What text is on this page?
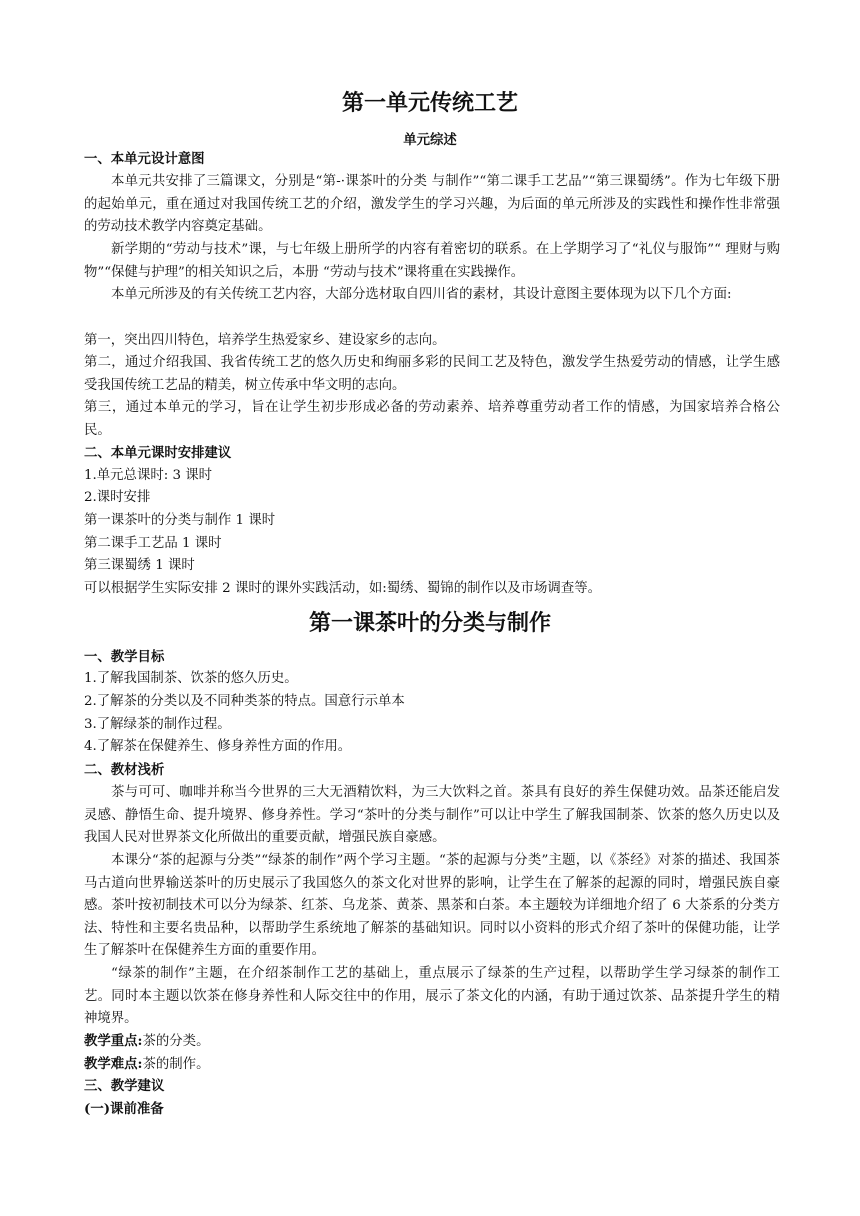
第一单元传统工艺
单元综述
一、本单元设计意图

本单元共安排了三篇课文，分别是“第-·课茶叶的分类 与制作”“第二课手工艺品”“第三课蜀绣”。作为七年级下册的起始单元，重在通过对我国传统工艺的介绍，激发学生的学习兴趣，为后面的单元所涉及的实践性和操作性非常强的劳动技术教学内容奠定基础。

新学期的“劳动与技术”课，与七年级上册所学的内容有着密切的联系。在上学期学习了“礼仪与服饰”“ 理财与购物”“保健与护理”的相关知识之后，本册 “劳动与技术”课将重在实践操作。

本单元所涉及的有关传统工艺内容，大部分选材取自四川省的素材，其设计意图主要体现为以下几个方面:

第一，突出四川特色，培养学生热爱家乡、建设家乡的志向。

第二，通过介绍我国、我省传统工艺的悠久历史和绚丽多彩的民间工艺及特色，激发学生热爱劳动的情感，让学生感受我国传统工艺品的精美，树立传承中华文明的志向。

第三，通过本单元的学习，旨在让学生初步形成必备的劳动素养、培养尊重劳动者工作的情感，为国家培养合格公民。

二、本单元课时安排建议
1.单元总课时: 3 课时
2.课时安排
第一课茶叶的分类与制作 1 课时
第二课手工艺品 1 课时
第三课蜀绣 1 课时
可以根据学生实际安排 2 课时的课外实践活动，如:蜀绣、蜀锦的制作以及市场调查等。
第一课茶叶的分类与制作
一、教学目标
1.了解我国制茶、饮茶的悠久历史。
2.了解茶的分类以及不同种类茶的特点。国意行示单本
3.了解绿茶的制作过程。
4.了解茶在保健养生、修身养性方面的作用。
二、教材浅析

茶与可可、咖啡并称当今世界的三大无酒精饮料，为三大饮料之首。茶具有良好的养生保健功效。品茶还能启发灵感、静悟生命、提升境界、修身养性。学习“茶叶的分类与制作”可以让中学生了解我国制茶、饮茶的悠久历史以及我国人民对世界茶文化所做出的重要贡献，增强民族自豪感。

本课分“茶的起源与分类”“绿茶的制作”两个学习主题。“茶的起源与分类”主题，以《茶经》对茶的描述、我国茶马古道向世界输送茶叶的历史展示了我国悠久的茶文化对世界的影响，让学生在了解茶的起源的同时，增强民族自豪感。茶叶按初制技术可以分为绿茶、红茶、乌龙茶、黄茶、黑茶和白茶。本主题较为详细地介绍了 6 大茶系的分类方法、特性和主要名贵品种，以帮助学生系统地了解茶的基础知识。同时以小资料的形式介绍了茶叶的保健功能，让学生了解茶叶在保健养生方面的重要作用。

“绿茶的制作”主题，在介绍茶制作工艺的基础上，重点展示了绿茶的生产过程，以帮助学生学习绿茶的制作工艺。同时本主题以饮茶在修身养性和人际交往中的作用，展示了茶文化的内涵，有助于通过饮茶、品茶提升学生的精神境界。

教学重点:茶的分类。
教学难点:茶的制作。
三、教学建议
(一)课前准备
